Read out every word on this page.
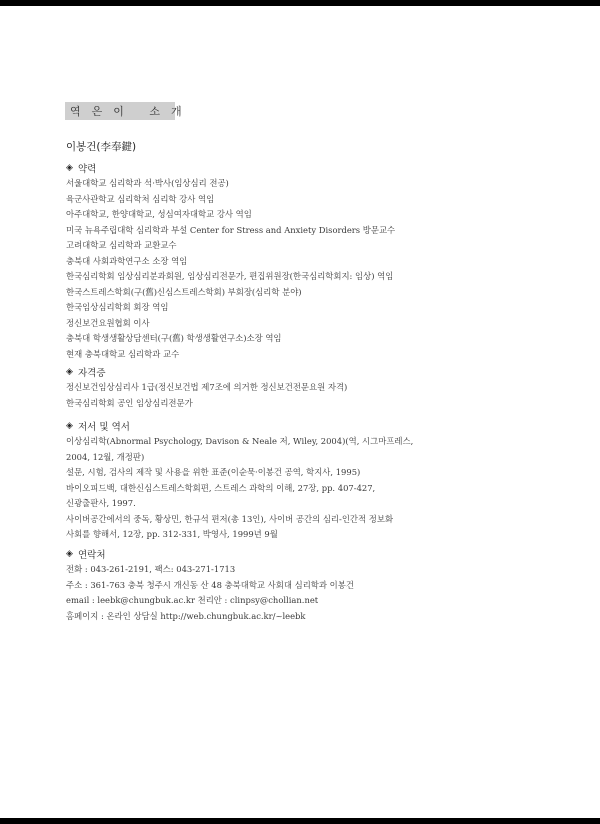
역은이 소개
이봉건(李奉鍵)
◈ 약력
서울대학교 심리학과 석·박사(임상심리 전공)
육군사관학교 심리학처 심리학 강사 역임
아주대학교, 한양대학교, 성심여자대학교 강사 역임
미국 뉴욕주립대학 심리학과 부설 Center for Stress and Anxiety Disorders 방문교수
고려대학교 심리학과 교환교수
충북대 사회과학연구소 소장 역임
한국심리학회 임상심리분과회원, 임상심리전문가, 편집위원장(한국심리학회지: 임상) 역임
한국스트레스학회(구(舊)신심스트레스학회) 부회장(심리학 분야)
한국임상심리학회 회장 역임
정신보건요원협회 이사
충북대 학생생활상담센터(구(舊) 학생생활연구소)소장 역임
현재 충북대학교 심리학과 교수
◈ 자격증
정신보건임상심리사 1급(정신보건법 제7조에 의거한 정신보건전문요원 자격)
한국심리학회 공인 임상심리전문가
◈ 저서 및 역서
이상심리학(Abnormal Psychology, Davison & Neale 저, Wiley, 2004)(역, 시그마프레스,
2004, 12월, 개정판)
설문, 시험, 검사의 제작 및 사용을 위한 표준(이순묵·이봉건 공역, 학지사, 1995)
바이오피드백, 대한신심스트레스학회편, 스트레스 과학의 이해, 27장, pp. 407-427,
신광출판사, 1997.
사이버공간에서의 중독, 황상민, 한규석 편저(총 13인), 사이버 공간의 심리-인간적 정보화
사회를 향해서, 12장, pp. 312-331, 박영사, 1999년 9월
◈ 연락처
전화 : 043-261-2191, 팩스: 043-271-1713
주소 : 361-763 충북 청주시 개신동 산 48 충북대학교 사회대 심리학과 이봉건
email : leebk@chungbuk.ac.kr 천리안 : clinpsy@chollian.net
홈페이지 : 온라인 상담실 http://web.chungbuk.ac.kr/~leebk
